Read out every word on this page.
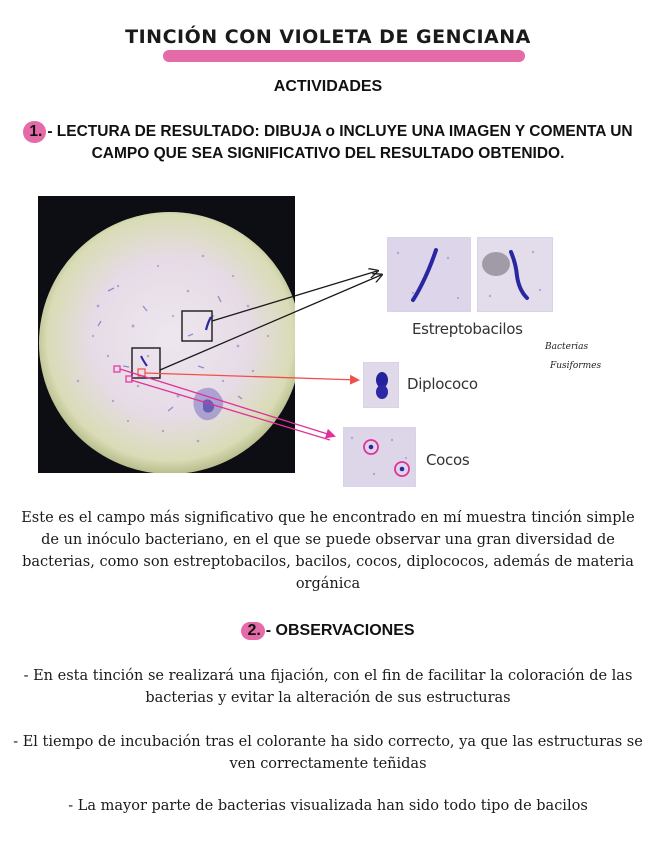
TINCIÓN CON VIOLETA DE GENCIANA
ACTIVIDADES
1. - LECTURA DE RESULTADO: DIBUJA o INCLUYE UNA IMAGEN Y COMENTA UN CAMPO QUE SEA SIGNIFICATIVO DEL RESULTADO OBTENIDO.
Estreptobacilos
Diplococo
Cocos
Bacterias
Fusiformes
Este es el campo más significativo que he encontrado en mí muestra tinción simple de un inóculo bacteriano, en el que se puede observar una gran diversidad de bacterias, como son estreptobacilos, bacilos, cocos, diplococos, además de materia orgánica
2. - OBSERVACIONES
- En esta tinción se realizará una fijación, con el fin de facilitar la coloración de las bacterias y evitar la alteración de sus estructuras
- El tiempo de incubación tras el colorante ha sido correcto, ya que las estructuras se ven correctamente teñidas
- La mayor parte de bacterias visualizada han sido todo tipo de bacilos
